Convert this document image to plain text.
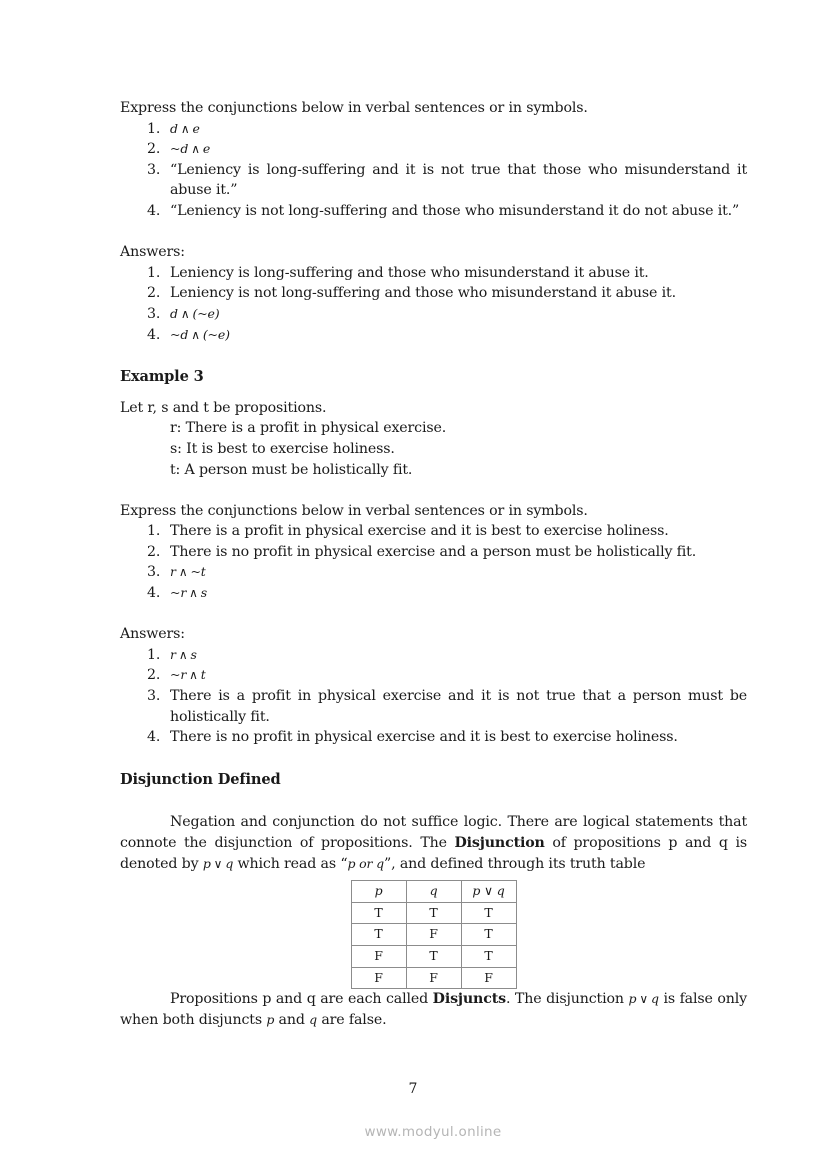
Express the conjunctions below in verbal sentences or in symbols.

1. d ∧ e
2. ~d ∧ e
3. “Leniency is long-suffering and it is not true that those who misunderstand it abuse it.”
4. “Leniency is not long-suffering and those who misunderstand it do not abuse it.”

Answers:

1. Leniency is long-suffering and those who misunderstand it abuse it.
2. Leniency is not long-suffering and those who misunderstand it abuse it.
3. d ∧ (~e)
4. ~d ∧ (~e)

Example 3

Let r, s and t be propositions.

r: There is a profit in physical exercise.

s: It is best to exercise holiness.

t: A person must be holistically fit.

Express the conjunctions below in verbal sentences or in symbols.

1. There is a profit in physical exercise and it is best to exercise holiness.
2. There is no profit in physical exercise and a person must be holistically fit.
3. r ∧ ~t
4. ~r ∧ s

Answers:

1. r ∧ s
2. ~r ∧ t
3. There is a profit in physical exercise and it is not true that a person must be holistically fit.
4. There is no profit in physical exercise and it is best to exercise holiness.

Disjunction Defined

Negation and conjunction do not suffice logic. There are logical statements that connote the disjunction of propositions. The Disjunction of propositions p and q is denoted by p ∨ q which read as “p or q”, and defined through its truth table

p	q	p ∨ q
T	T	T
T	F	T
F	T	T
F	F	F

Propositions p and q are each called Disjuncts. The disjunction p ∨ q is false only when both disjuncts p and q are false.

7
www.modyul.online
